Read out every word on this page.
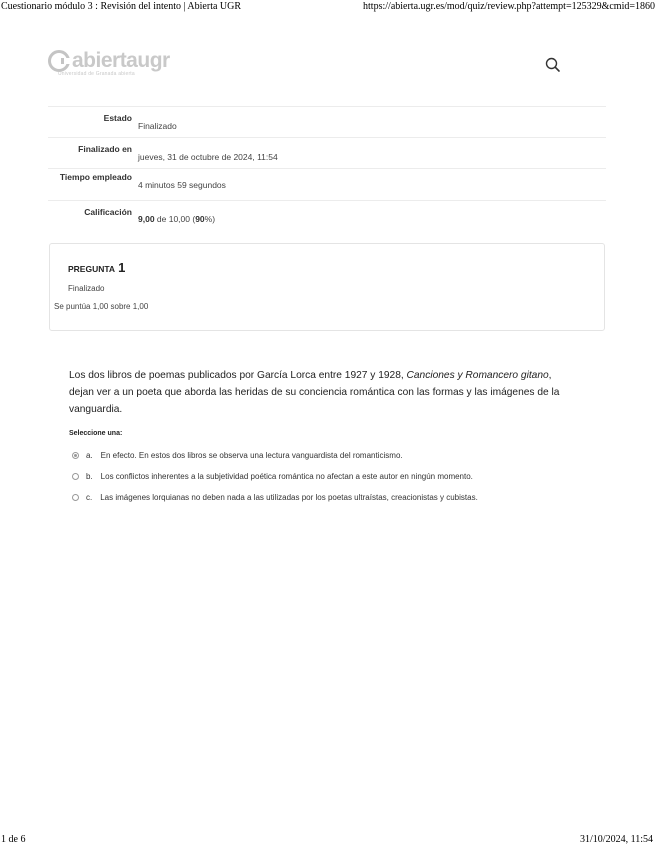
Cuestionario módulo 3 : Revisión del intento | Abierta UGR	https://abierta.ugr.es/mod/quiz/review.php?attempt=125329&cmid=1860
abiertaugr
Universidad de Granada abierta
Estado
Finalizado
Finalizado en
jueves, 31 de octubre de 2024, 11:54
Tiempo empleado
4 minutos 59 segundos
Calificación
9,00 de 10,00 ( 90 %)
PREGUNTA 1
Finalizado
Se puntúa 1,00 sobre 1,00
Los dos libros de poemas publicados por García Lorca entre 1927 y 1928, Canciones y Romancero gitano, dejan ver a un poeta que aborda las heridas de su conciencia romántica con las formas y las imágenes de la vanguardia.
Seleccione una:
a. En efecto. En estos dos libros se observa una lectura vanguardista del romanticismo.
b. Los conflictos inherentes a la subjetividad poética romántica no afectan a este autor en ningún momento.
c. Las imágenes lorquianas no deben nada a las utilizadas por los poetas ultraístas, creacionistas y cubistas.
1 de 6	31/10/2024, 11:54
